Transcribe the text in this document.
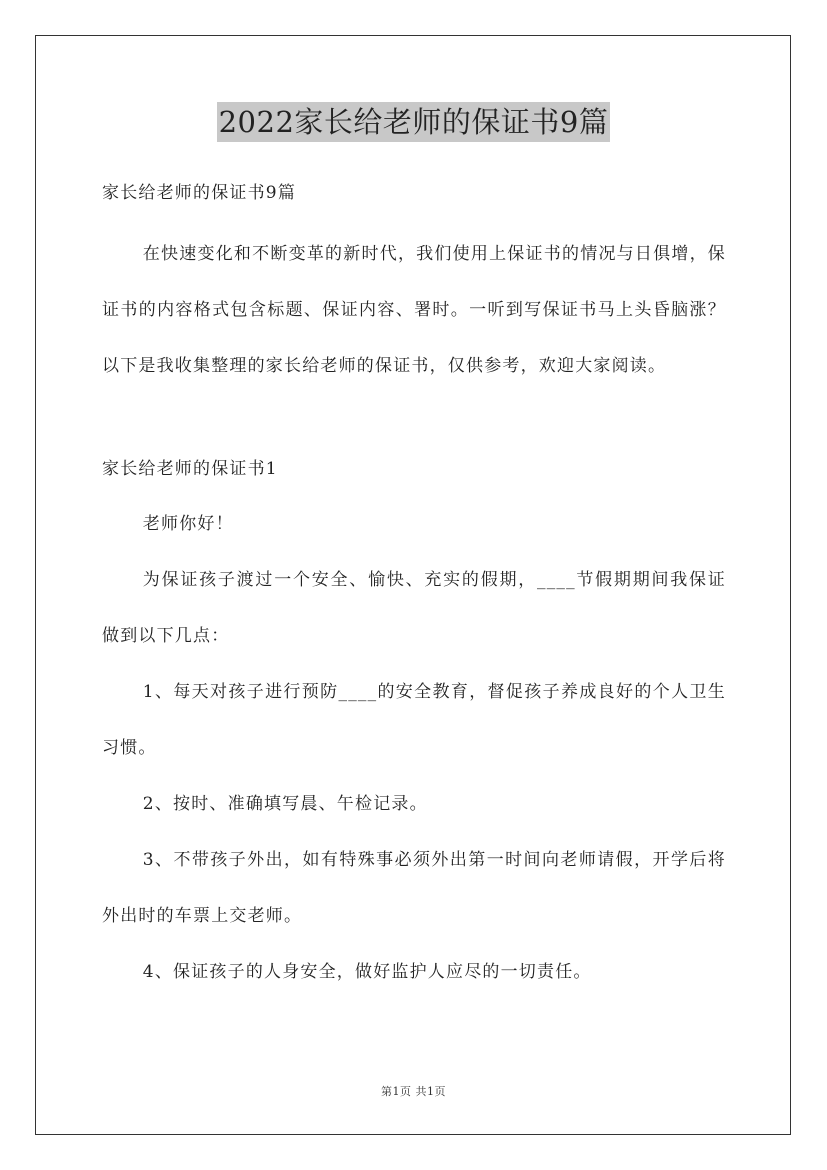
2022家长给老师的保证书9篇

家长给老师的保证书9篇

在快速变化和不断变革的新时代，我们使用上保证书的情况与日俱增，保证书的内容格式包含标题、保证内容、署时。一听到写保证书马上头昏脑涨？以下是我收集整理的家长给老师的保证书，仅供参考，欢迎大家阅读。

家长给老师的保证书1

老师你好！

为保证孩子渡过一个安全、愉快、充实的假期，____节假期期间我保证做到以下几点：

1、每天对孩子进行预防____的安全教育，督促孩子养成良好的个人卫生习惯。

2、按时、准确填写晨、午检记录。

3、不带孩子外出，如有特殊事必须外出第一时间向老师请假，开学后将外出时的车票上交老师。

4、保证孩子的人身安全，做好监护人应尽的一切责任。

第1页 共1页
